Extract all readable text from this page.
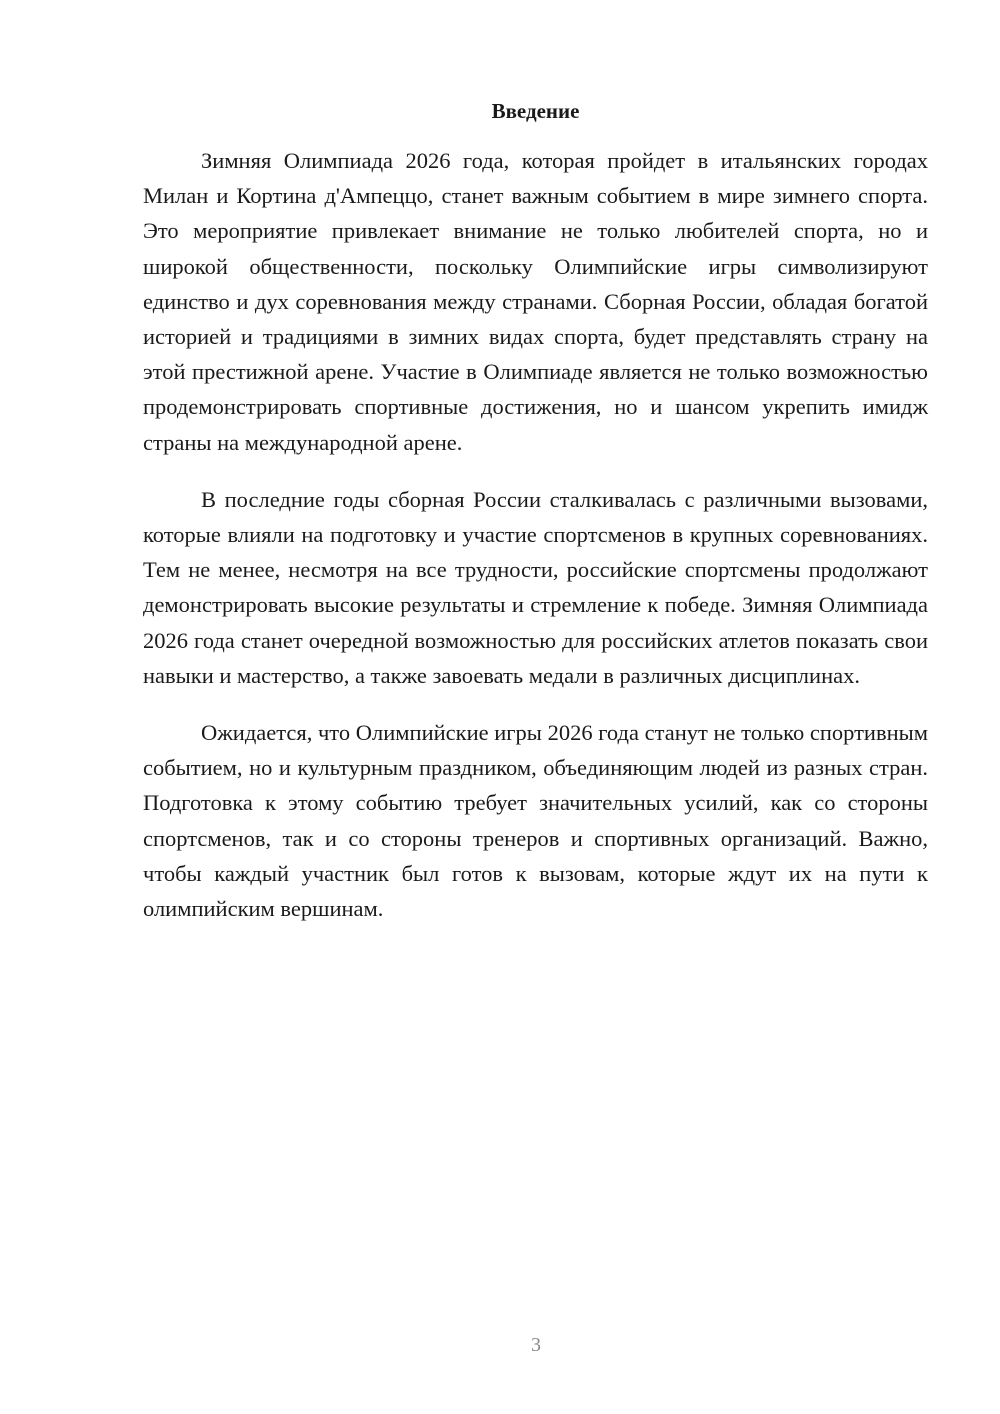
Введение

Зимняя Олимпиада 2026 года, которая пройдет в итальянских городах Милан и Кортина д'Ампеццо, станет важным событием в мире зимнего спорта. Это мероприятие привлекает внимание не только любителей спорта, но и широкой общественности, поскольку Олимпийские игры символизируют единство и дух соревнования между странами. Сборная России, обладая богатой историей и традициями в зимних видах спорта, будет представлять страну на этой престижной арене. Участие в Олимпиаде является не только возможностью продемонстрировать спортивные достижения, но и шансом укрепить имидж страны на международной арене.

В последние годы сборная России сталкивалась с различными вызовами, которые влияли на подготовку и участие спортсменов в крупных соревнованиях. Тем не менее, несмотря на все трудности, российские спортсмены продолжают демонстрировать высокие результаты и стремление к победе. Зимняя Олимпиада 2026 года станет очередной возможностью для российских атлетов показать свои навыки и мастерство, а также завоевать медали в различных дисциплинах.

Ожидается, что Олимпийские игры 2026 года станут не только спортивным событием, но и культурным праздником, объединяющим людей из разных стран. Подготовка к этому событию требует значительных усилий, как со стороны спортсменов, так и со стороны тренеров и спортивных организаций. Важно, чтобы каждый участник был готов к вызовам, которые ждут их на пути к олимпийским вершинам.

3
